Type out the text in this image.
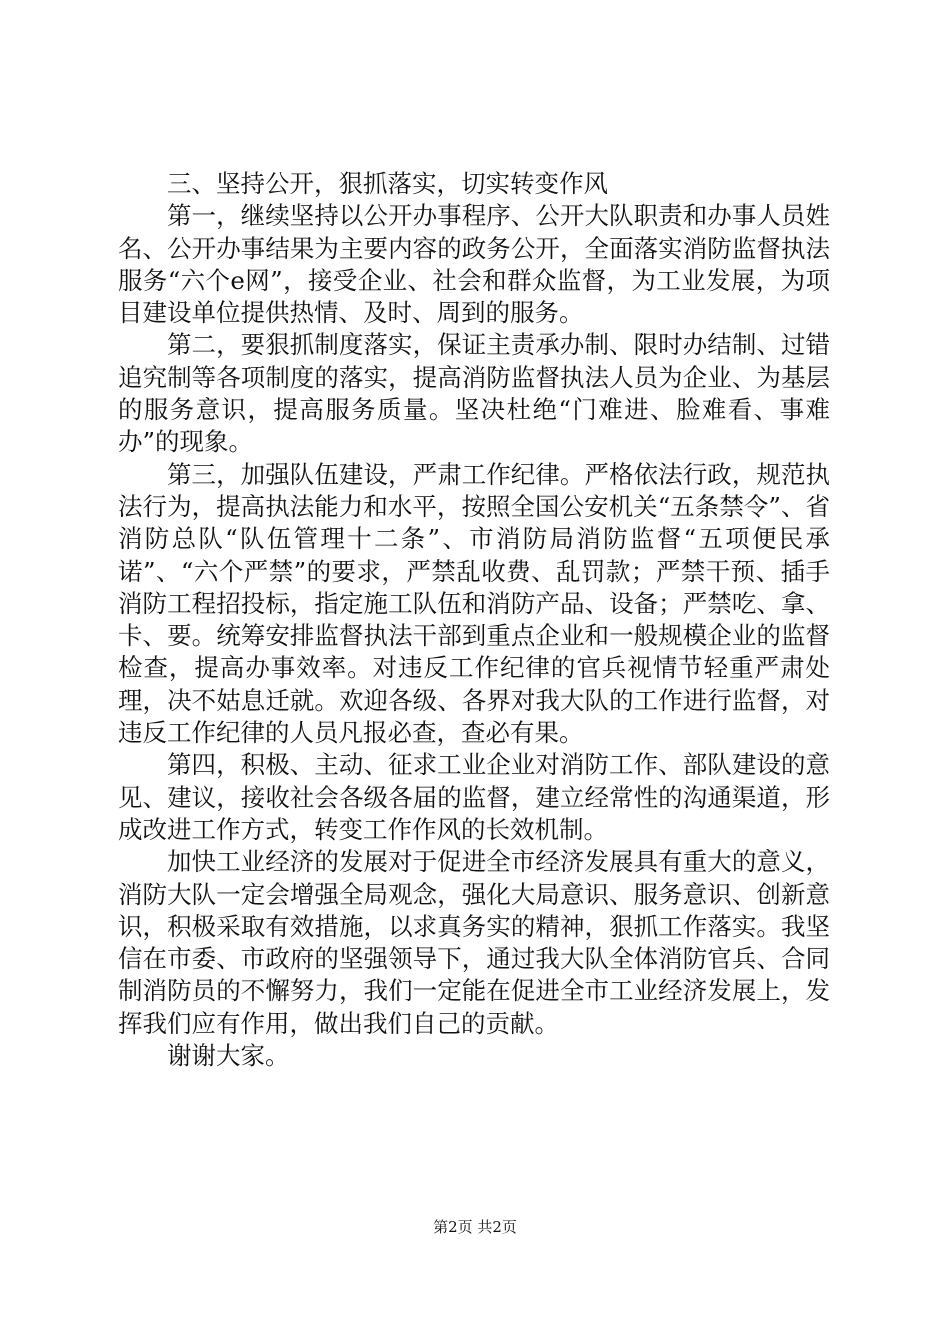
三、坚持公开，狠抓落实，切实转变作风

第一，继续坚持以公开办事程序、公开大队职责和办事人员姓名、公开办事结果为主要内容的政务公开，全面落实消防监督执法服务“六个e网”，接受企业、社会和群众监督，为工业发展，为项目建设单位提供热情、及时、周到的服务。

第二，要狠抓制度落实，保证主责承办制、限时办结制、过错追究制等各项制度的落实，提高消防监督执法人员为企业、为基层的服务意识，提高服务质量。坚决杜绝“门难进、脸难看、事难办”的现象。

第三，加强队伍建设，严肃工作纪律。严格依法行政，规范执法行为，提高执法能力和水平，按照全国公安机关“五条禁令”、省消防总队“队伍管理十二条”、市消防局消防监督“五项便民承诺”、“六个严禁”的要求，严禁乱收费、乱罚款；严禁干预、插手消防工程招投标，指定施工队伍和消防产品、设备；严禁吃、拿、卡、要。统筹安排监督执法干部到重点企业和一般规模企业的监督检查，提高办事效率。对违反工作纪律的官兵视情节轻重严肃处理，决不姑息迁就。欢迎各级、各界对我大队的工作进行监督，对违反工作纪律的人员凡报必查，查必有果。

第四，积极、主动、征求工业企业对消防工作、部队建设的意见、建议，接收社会各级各届的监督，建立经常性的沟通渠道，形成改进工作方式，转变工作作风的长效机制。

加快工业经济的发展对于促进全市经济发展具有重大的意义，消防大队一定会增强全局观念，强化大局意识、服务意识、创新意识，积极采取有效措施，以求真务实的精神，狠抓工作落实。我坚信在市委、市政府的坚强领导下，通过我大队全体消防官兵、合同制消防员的不懈努力，我们一定能在促进全市工业经济发展上，发挥我们应有作用，做出我们自己的贡献。

谢谢大家。

第2页 共2页
